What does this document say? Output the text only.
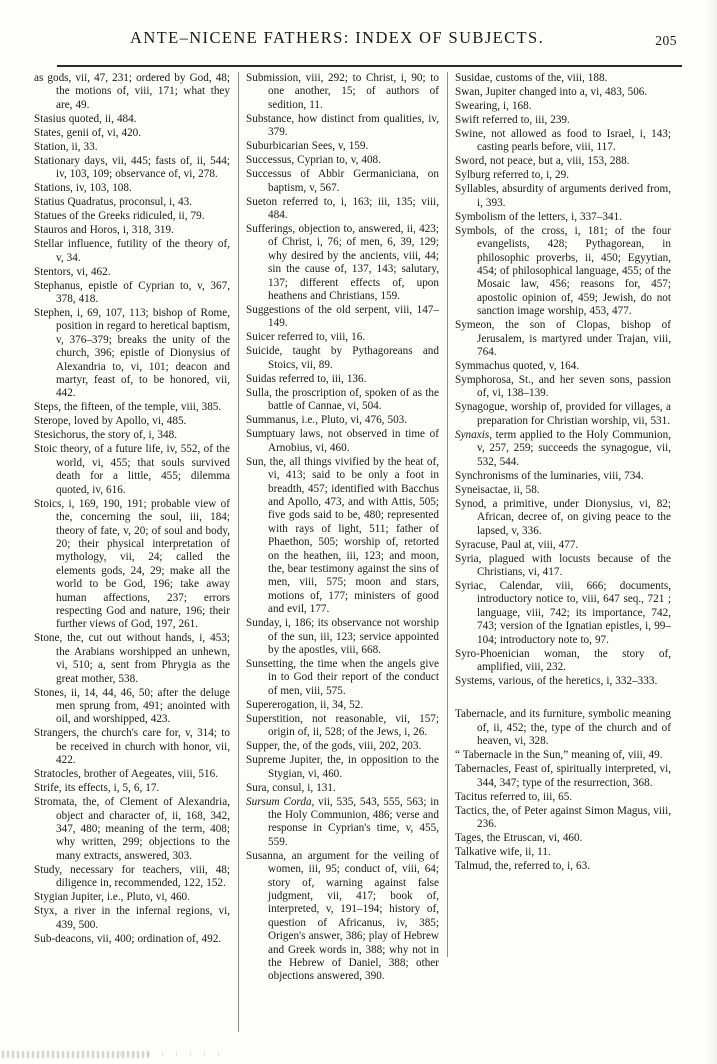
ANTE–NICENE FATHERS: INDEX OF SUBJECTS.	205

as gods, vii, 47, 231; ordered by God, 48; the motions of, viii, 171; what they are, 49.

Stasius quoted, ii, 484.

States, genii of, vi, 420.

Station, ii, 33.

Stationary days, vii, 445; fasts of, ii, 544; iv, 103, 109; observance of, vi, 278.

Stations, iv, 103, 108.

Statius Quadratus, proconsul, i, 43.

Statues of the Greeks ridiculed, ii, 79.

Stauros and Horos, i, 318, 319.

Stellar influence, futility of the theory of, v, 34.

Stentors, vi, 462.

Stephanus, epistle of Cyprian to, v, 367, 378, 418.

Stephen, i, 69, 107, 113; bishop of Rome, position in regard to heretical baptism, v, 376–379; breaks the unity of the church, 396; epistle of Dionysius of Alexandria to, vi, 101; deacon and martyr, feast of, to be honored, vii, 442.

Steps, the fifteen, of the temple, viii, 385.

Sterope, loved by Apollo, vi, 485.

Stesichorus, the story of, i, 348.

Stoic theory, of a future life, iv, 552, of the world, vi, 455; that souls survived death for a little, 455; dilemma quoted, iv, 616.

Stoics, i, 169, 190, 191; probable view of the, concerning the soul, iii, 184; theory of fate, v, 20; of soul and body, 20; their physical interpretation of mythology, vii, 24; called the elements gods, 24, 29; make all the world to be God, 196; take away human affections, 237; errors respecting God and nature, 196; their further views of God, 197, 261.

Stone, the, cut out without hands, i, 453; the Arabians worshipped an unhewn, vi, 510; a, sent from Phrygia as the great mother, 538.

Stones, ii, 14, 44, 46, 50; after the deluge men sprung from, 491; anointed with oil, and worshipped, 423.

Strangers, the church's care for, v, 314; to be received in church with honor, vii, 422.

Stratocles, brother of Aegeates, viii, 516.

Strife, its effects, i, 5, 6, 17.

Stromata, the, of Clement of Alexandria, object and character of, ii, 168, 342, 347, 480; meaning of the term, 408; why written, 299; objections to the many extracts, answered, 303.

Study, necessary for teachers, viii, 48; diligence in, recommended, 122, 152.

Stygian Jupiter, i.e., Pluto, vi, 460.

Styx, a river in the infernal regions, vi, 439, 500.

Sub-deacons, vii, 400; ordination of, 492.

Submission, viii, 292; to Christ, i, 90; to one another, 15; of authors of sedition, 11.

Substance, how distinct from qualities, iv, 379.

Suburbicarian Sees, v, 159.

Successus, Cyprian to, v, 408.

Successus of Abbir Germaniciana, on baptism, v, 567.

Sueton referred to, i, 163; iii, 135; viii, 484.

Sufferings, objection to, answered, ii, 423; of Christ, i, 76; of men, 6, 39, 129; why desired by the ancients, viii, 44; sin the cause of, 137, 143; salutary, 137; different effects of, upon heathens and Christians, 159.

Suggestions of the old serpent, viii, 147–149.

Suicer referred to, viii, 16.

Suicide, taught by Pythagoreans and Stoics, vii, 89.

Suidas referred to, iii, 136.

Sulla, the proscription of, spoken of as the battle of Cannae, vi, 504.

Summanus, i.e., Pluto, vi, 476, 503.

Sumptuary laws, not observed in time of Arnobius, vi, 460.

Sun, the, all things vivified by the heat of, vi, 413; said to be only a foot in breadth, 457; identified with Bacchus and Apollo, 473, and with Attis, 505; five gods said to be, 480; represented with rays of light, 511; father of Phaethon, 505; worship of, retorted on the heathen, iii, 123; and moon, the, bear testimony against the sins of men, viii, 575; moon and stars, motions of, 177; ministers of good and evil, 177.

Sunday, i, 186; its observance not worship of the sun, iii, 123; service appointed by the apostles, viii, 668.

Sunsetting, the time when the angels give in to God their report of the conduct of men, viii, 575.

Supererogation, ii, 34, 52.

Superstition, not reasonable, vii, 157; origin of, ii, 528; of the Jews, i, 26.

Supper, the, of the gods, viii, 202, 203.

Supreme Jupiter, the, in opposition to the Stygian, vi, 460.

Sura, consul, i, 131.

Sursum Corda, vii, 535, 543, 555, 563; in the Holy Communion, 486; verse and response in Cyprian's time, v, 455, 559.

Susanna, an argument for the veiling of women, iii, 95; conduct of, viii, 64; story of, warning against false judgment, vii, 417; book of, interpreted, v, 191–194; history of, question of Africanus, iv, 385; Origen's answer, 386; play of Hebrew and Greek words in, 388; why not in the Hebrew of Daniel, 388; other objections answered, 390.

Susidae, customs of the, viii, 188.

Swan, Jupiter changed into a, vi, 483, 506.

Swearing, i, 168.

Swift referred to, iii, 239.

Swine, not allowed as food to Israel, i, 143; casting pearls before, viii, 117.

Sword, not peace, but a, viii, 153, 288.

Sylburg referred to, i, 29.

Syllables, absurdity of arguments derived from, i, 393.

Symbolism of the letters, i, 337–341.

Symbols, of the cross, i, 181; of the four evangelists, 428; Pythagorean, in philosophic proverbs, ii, 450; Egyytian, 454; of philosophical language, 455; of the Mosaic law, 456; reasons for, 457; apostolic opinion of, 459; Jewish, do not sanction image worship, 453, 477.

Symeon, the son of Clopas, bishop of Jerusalem, is martyred under Trajan, viii, 764.

Symmachus quoted, v, 164.

Symphorosa, St., and her seven sons, passion of, vi, 138–139.

Synagogue, worship of, provided for villages, a preparation for Christian worship, vii, 531.

Synaxis, term applied to the Holy Communion, v, 257, 259; succeeds the synagogue, vii, 532, 544.

Synchronisms of the luminaries, viii, 734.

Syneisactae, ii, 58.

Synod, a primitive, under Dionysius, vi, 82; African, decree of, on giving peace to the lapsed, v, 336.

Syracuse, Paul at, viii, 477.

Syria, plagued with locusts because of the Christians, vi, 417.

Syriac, Calendar, viii, 666; documents, introductory notice to, viii, 647 seq., 721 ; language, viii, 742; its importance, 742, 743; version of the Ignatian epistles, i, 99–104; introductory note to, 97.

Syro-Phoenician woman, the story of, amplified, viii, 232.

Systems, various, of the heretics, i, 332–333.

Tabernacle, and its furniture, symbolic meaning of, ii, 452; the, type of the church and of heaven, vi, 328.

“ Tabernacle in the Sun,” meaning of, viii, 49.

Tabernacles, Feast of, spiritually interpreted, vi, 344, 347; type of the resurrection, 368.

Tacitus referred to, iii, 65.

Tactics, the, of Peter against Simon Magus, viii, 236.

Tages, the Etruscan, vi, 460.

Talkative wife, ii, 11.

Talmud, the, referred to, i, 63.
